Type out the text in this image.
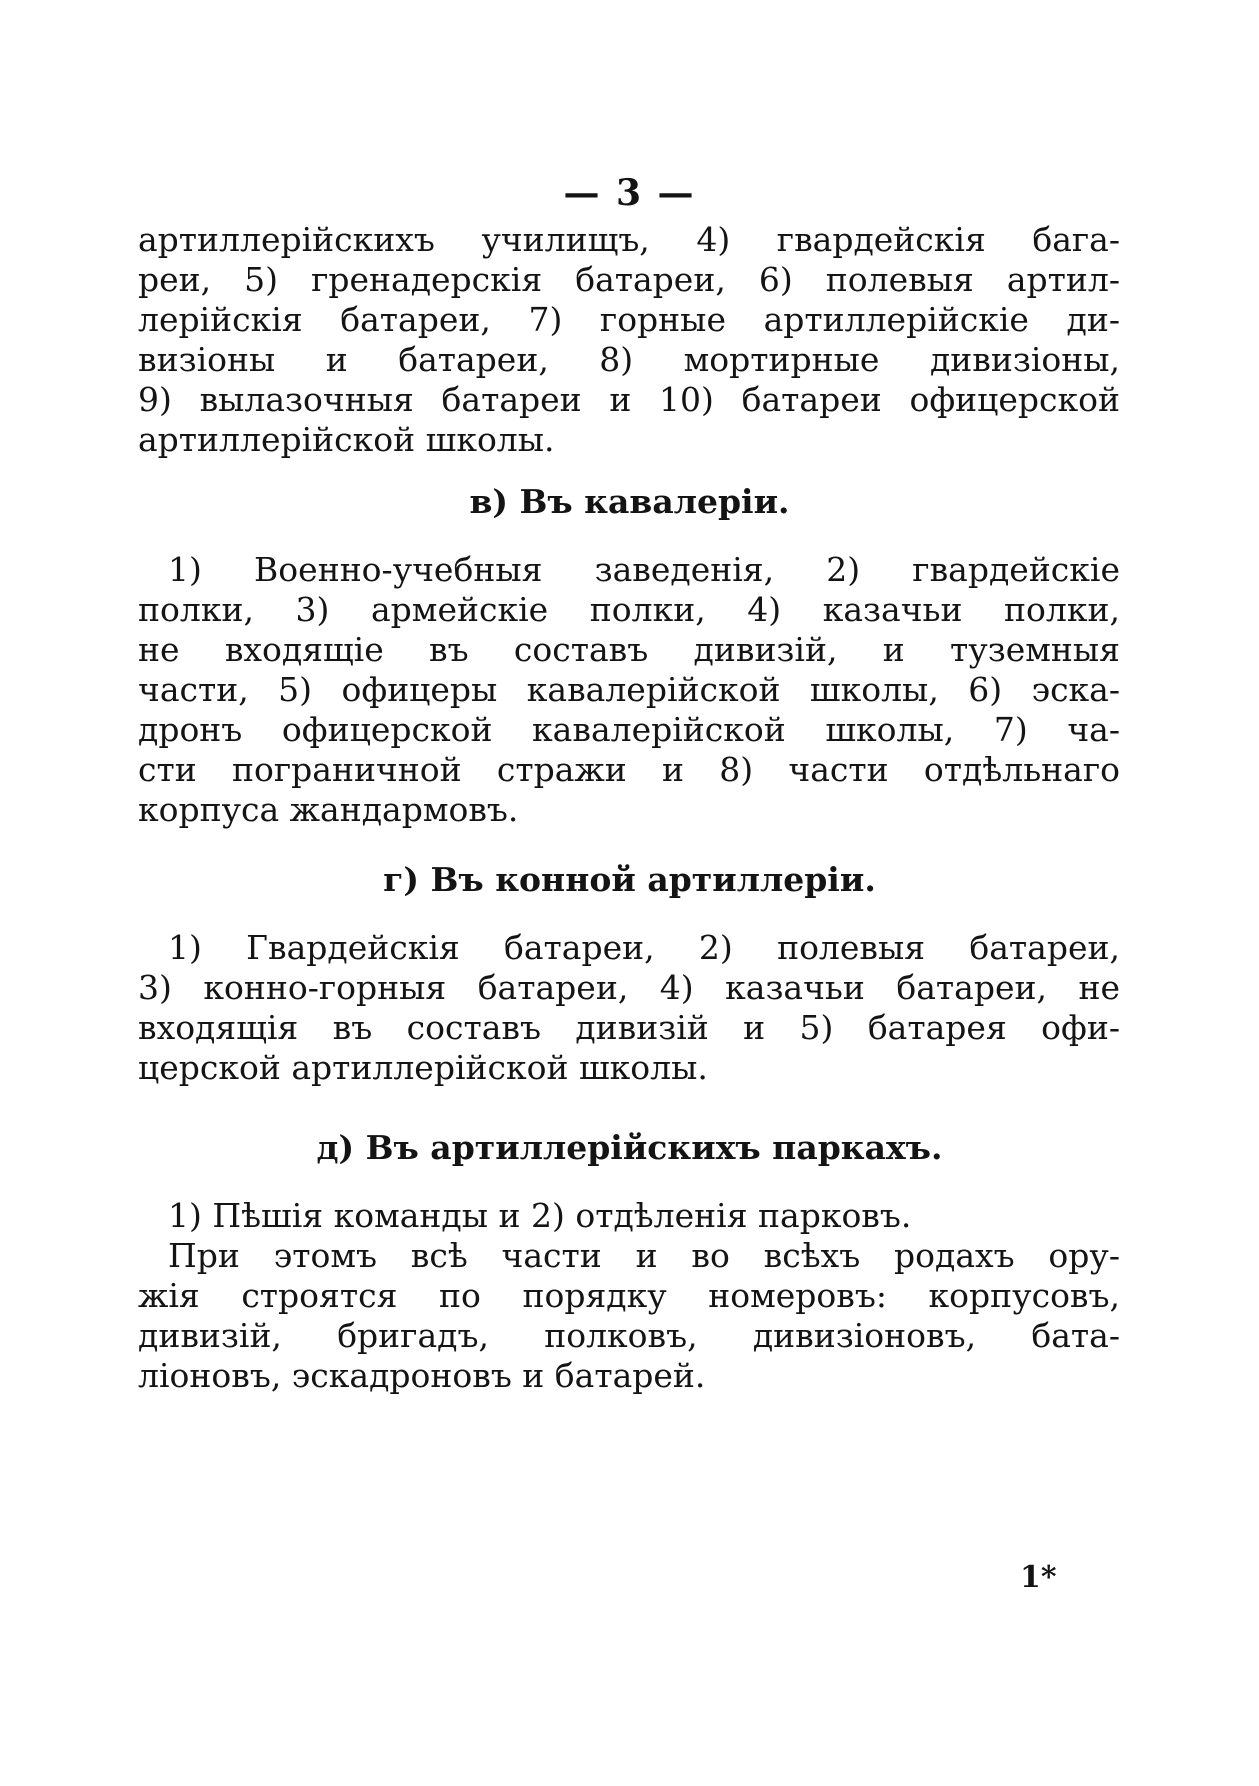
— 3 —
артиллерійскихъ училищъ, 4) гвардейскія бага-
реи, 5) гренадерскія батареи, 6) полевыя артил-
лерійскія батареи, 7) горные артиллерійскіе ди-
визіоны и батареи, 8) мортирные дивизіоны,
9) вылазочныя батареи и 10) батареи офицерской
артиллерійской школы.
в) Въ кавалеріи.
1) Военно-учебныя заведенія, 2) гвардейскіе
полки, 3) армейскіе полки, 4) казачьи полки,
не входящіе въ составъ дивизій, и туземныя
части, 5) офицеры кавалерійской школы, 6) эска-
дронъ офицерской кавалерійской школы, 7) ча-
сти пограничной стражи и 8) части отдѣльнаго
корпуса жандармовъ.
г) Въ конной артиллеріи.
1) Гвардейскія батареи, 2) полевыя батареи,
3) конно-горныя батареи, 4) казачьи батареи, не
входящія въ составъ дивизій и 5) батарея офи-
церской артиллерійской школы.
д) Въ артиллерійскихъ паркахъ.
1) Пѣшія команды и 2) отдѣленія парковъ.
При этомъ всѣ части и во всѣхъ родахъ ору-
жія строятся по порядку номеровъ: корпусовъ,
дивизій, бригадъ, полковъ, дивизіоновъ, бата-
ліоновъ, эскадроновъ и батарей.
1*
